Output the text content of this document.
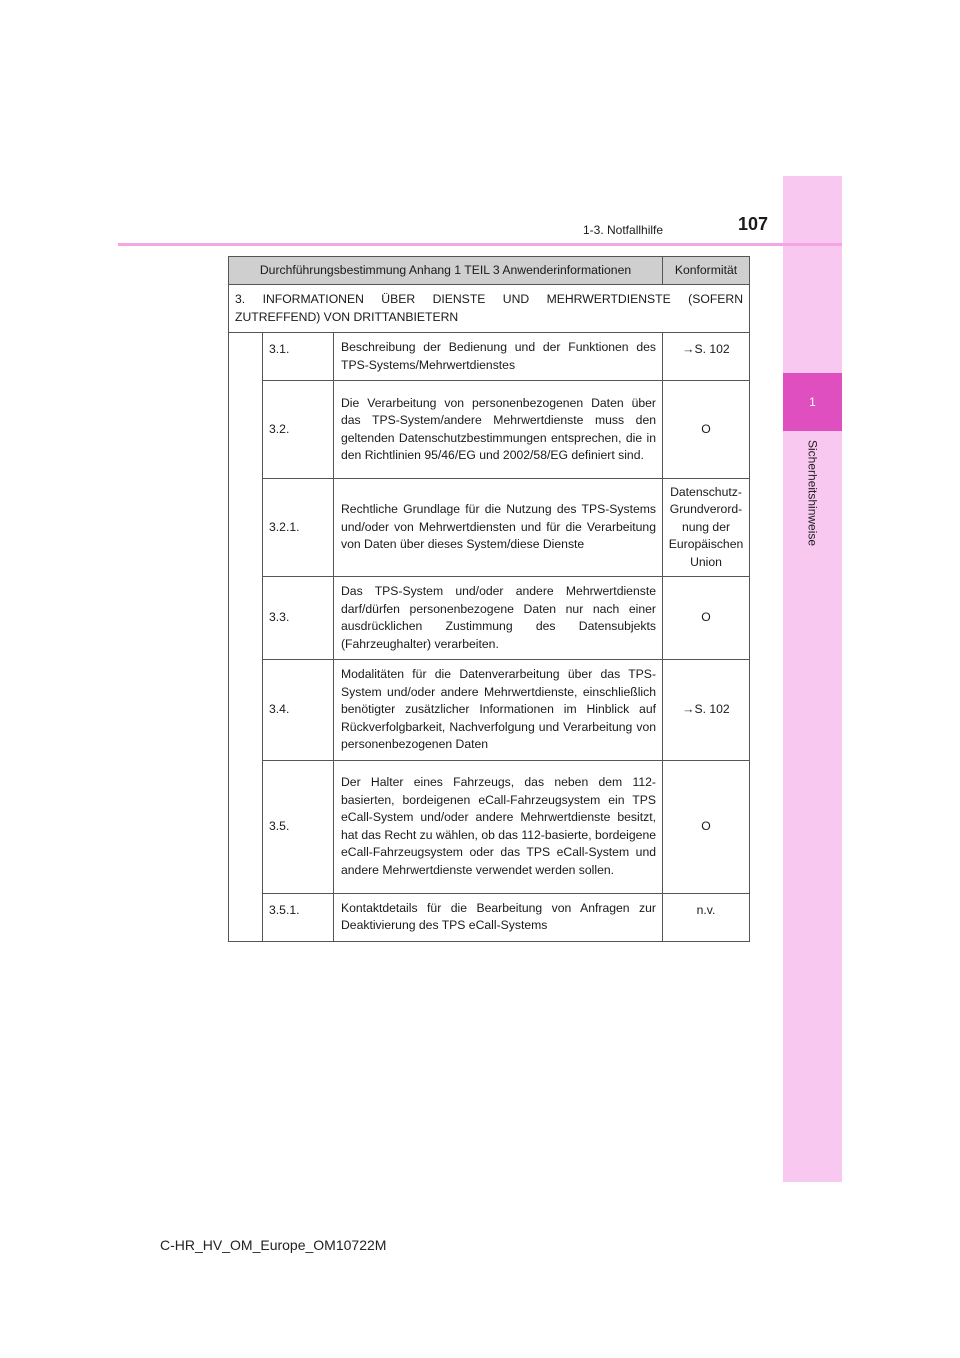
1
Sicherheitshinweise
1-3. Notfallhilfe	107
Durchführungsbestimmung Anhang 1 TEIL 3 Anwenderinformationen			Konformität
3. INFORMATIONEN ÜBER DIENSTE UND MEHRWERTDIENSTE (SOFERN ZUTREFFEND) VON DRITTANBIETERN			
	3.1.	Beschreibung der Bedienung und der Funktionen des TPS-Systems/Mehrwertdienstes	→S. 102
	3.2.	Die Verarbeitung von personenbezogenen Daten über das TPS-System/andere Mehrwertdienste muss den geltenden Datenschutzbestimmungen entsprechen, die in den Richtlinien 95/46/EG und 2002/58/EG definiert sind.	O
	3.2.1.	Rechtliche Grundlage für die Nutzung des TPS-Systems und/oder von Mehrwertdiensten und für die Verarbeitung von Daten über dieses System/diese Dienste	Datenschutz-Grundverordnung der Europäischen Union
	3.3.	Das TPS-System und/oder andere Mehrwertdienste darf/dürfen personenbezogene Daten nur nach einer ausdrücklichen Zustimmung des Datensubjekts (Fahrzeughalter) verarbeiten.	O
	3.4.	Modalitäten für die Datenverarbeitung über das TPS-System und/oder andere Mehrwertdienste, einschließlich benötigter zusätzlicher Informationen im Hinblick auf Rückverfolgbarkeit, Nachverfolgung und Verarbeitung von personenbezogenen Daten	→S. 102
	3.5.	Der Halter eines Fahrzeugs, das neben dem 112-basierten, bordeigenen eCall-Fahrzeugsystem ein TPS eCall-System und/oder andere Mehrwertdienste besitzt, hat das Recht zu wählen, ob das 112-basierte, bordeigene eCall-Fahrzeugsystem oder das TPS eCall-System und andere Mehrwertdienste verwendet werden sollen.	O
	3.5.1.	Kontaktdetails für die Bearbeitung von Anfragen zur Deaktivierung des TPS eCall-Systems	n.v.
C-HR_HV_OM_Europe_OM10722M
